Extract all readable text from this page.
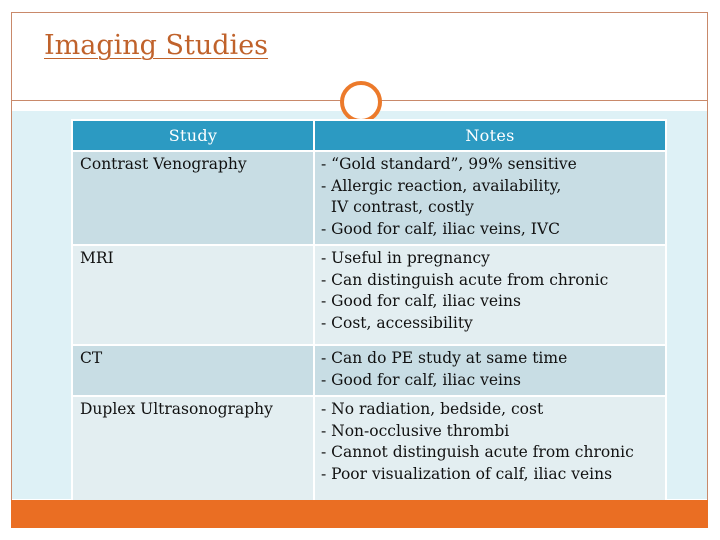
Imaging Studies
Study	Notes
Contrast Venography	- “Gold standard”, 99% sensitive
- Allergic reaction, availability,
IV contrast, costly
- Good for calf, iliac veins, IVC

MRI	- Useful in pregnancy
- Can distinguish acute from chronic
- Good for calf, iliac veins
- Cost, accessibility

CT	- Can do PE study at same time
- Good for calf, iliac veins

Duplex Ultrasonography	- No radiation, bedside, cost
- Non-occlusive thrombi
- Cannot distinguish acute from chronic
- Poor visualization of calf, iliac veins
